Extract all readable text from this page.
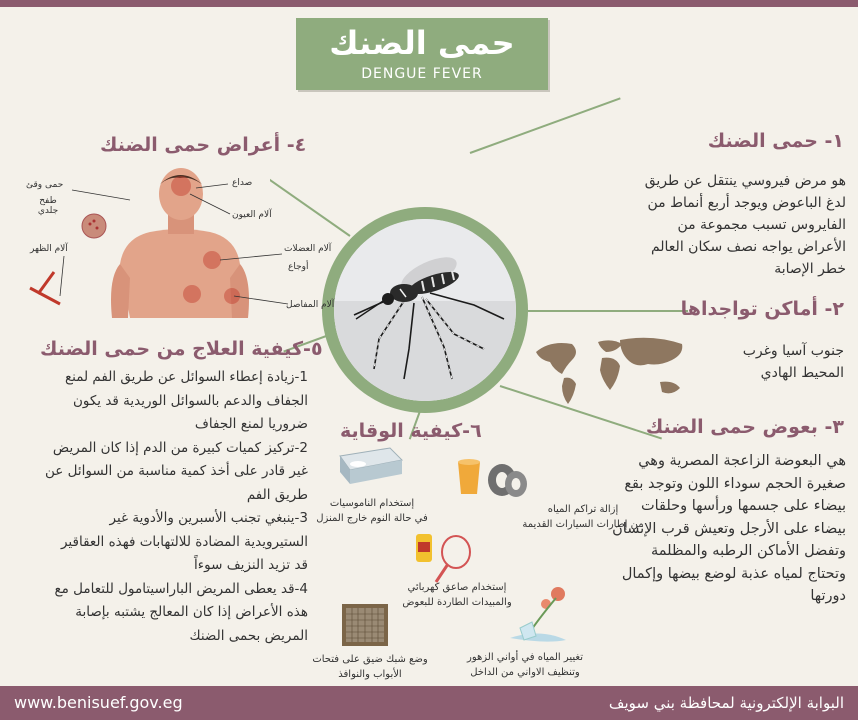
حمى الضنك
DENGUE FEVER
١- حمى الضنك
هو مرض فيروسي ينتقل عن طريق
لدغ الباعوض ويوجد أربع أنماط من
الفايروس تسبب مجموعة من
الأعراض يواجه نصف سكان العالم
خطر الإصابة
٢- أماكن تواجداها
جنوب آسيا وغرب
المحيط الهادي
٣- بعوض حمى الضنك
هي البعوضة الزاعجة المصرية وهي
صغيرة الحجم سوداء اللون وتوجد بقع
بيضاء على جسمها ورأسها وحلقات
بيضاء على الأرجل وتعيش قرب الإنسان
وتفضل الأماكن الرطبه والمظلمة
وتحتاج لمياه عذبة لوضع بيضها وإكمال
دورتها
٤- أعراض حمى الضنك
حمى وقئ
طفح جلدي
صداع
آلام العيون
آلام الظهر	آلام العضلات
أوجاع
آلام المفاصل
٥-كيفية العلاج من حمى الضنك
1-زيادة إعطاء السوائل عن طريق الفم لمنع
الجفاف والدعم بالسوائل الوريدية قد يكون
ضروريا لمنع الجفاف
2-تركيز كميات كبيرة من الدم إذا كان المريض
غير قادر على أخذ كمية مناسبة من السوائل عن
طريق الفم
3-ينبغي تجنب الأسبرين والأدوية غير
الستيرويدية المضادة للالتهابات فهذه العقاقير
قد تزيد النزيف سوءاً
4-قد يعطى المريض الباراسيتامول للتعامل مع
هذه الأعراض إذا كان المعالج يشتبه بإصابة
المريض بحمى الضنك
٦-كيفية الوقاية
إزالة تراكم المياه
من إطارات السيارات القديمة
إستخدام الناموسيات
في حالة النوم خارج المنزل
إستخدام صاعق كهربائي
والمبيدات الطاردة للبعوض
تغيير المياه في أواني الزهور
وتنظيف الاواني من الداخل
وضع شبك ضيق على فتحات
الأبواب والنوافذ
www.benisuef.gov.eg	البوابة الإلكترونية لمحافظة بني سويف
